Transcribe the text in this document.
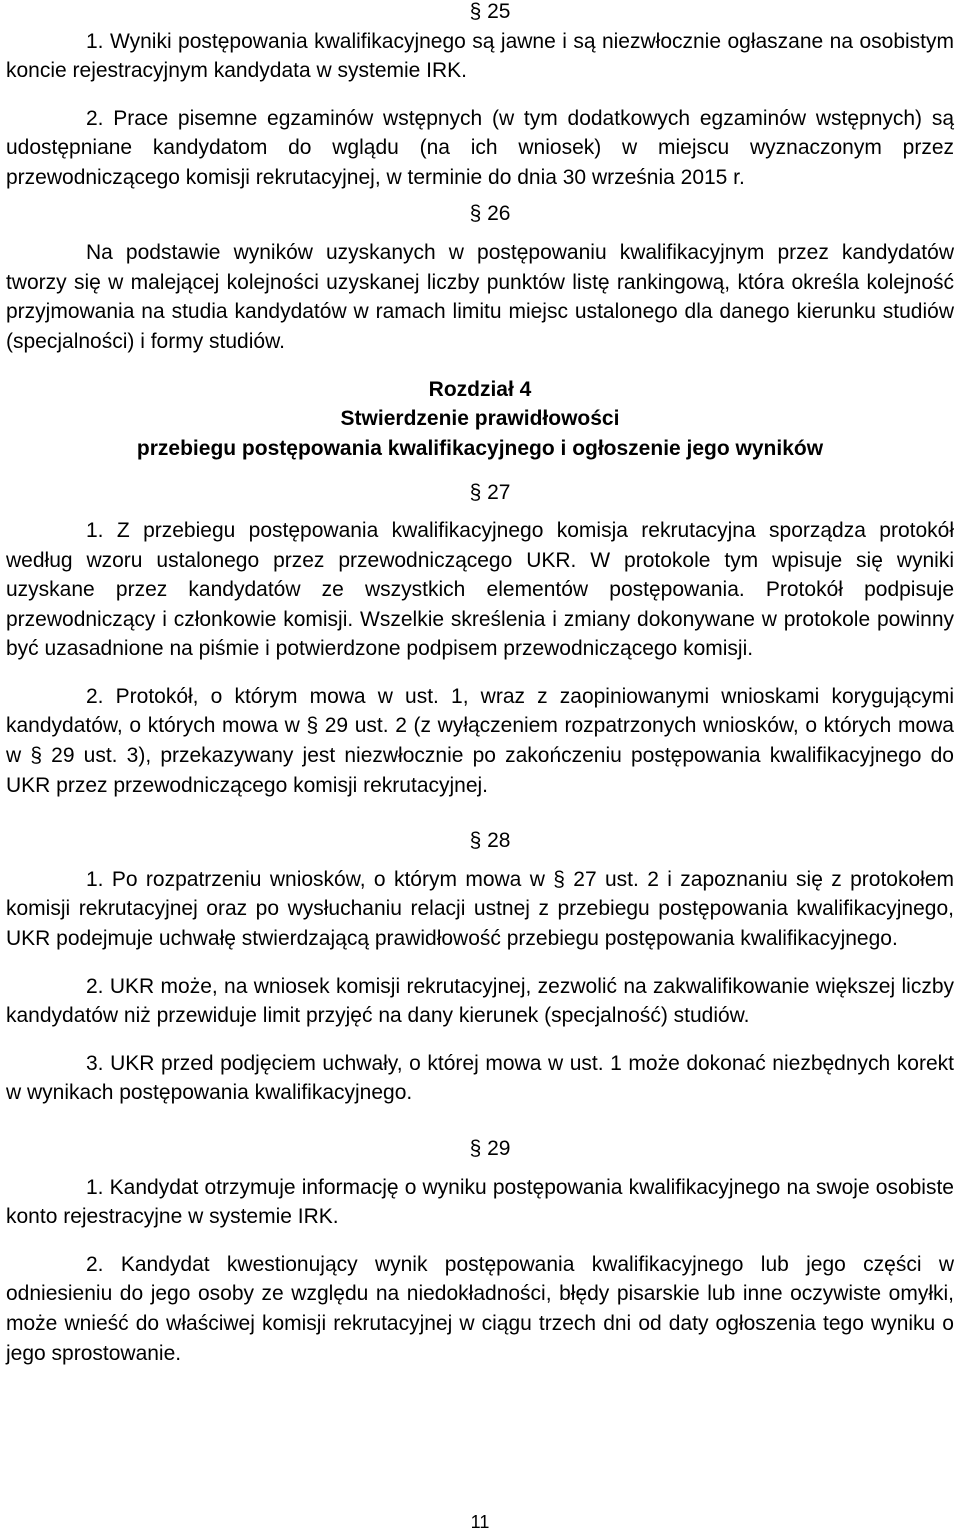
§ 25

1. Wyniki postępowania kwalifikacyjnego są jawne i są niezwłocznie ogłaszane na osobistym koncie rejestracyjnym kandydata w systemie IRK.

2. Prace pisemne egzaminów wstępnych (w tym dodatkowych egzaminów wstępnych) są udostępniane kandydatom do wglądu (na ich wniosek) w miejscu wyznaczonym przez przewodniczącego komisji rekrutacyjnej, w terminie do dnia 30 września 2015 r.

§ 26

Na podstawie wyników uzyskanych w postępowaniu kwalifikacyjnym przez kandydatów tworzy się w malejącej kolejności uzyskanej liczby punktów listę rankingową, która określa kolejność przyjmowania na studia kandydatów w ramach limitu miejsc ustalonego dla danego kierunku studiów (specjalności) i formy studiów.

Rozdział 4
Stwierdzenie prawidłowości
przebiegu postępowania kwalifikacyjnego i ogłoszenie jego wyników
§ 27

1. Z przebiegu postępowania kwalifikacyjnego komisja rekrutacyjna sporządza protokół według wzoru ustalonego przez przewodniczącego UKR. W protokole tym wpisuje się wyniki uzyskane przez kandydatów ze wszystkich elementów postępowania. Protokół podpisuje przewodniczący i członkowie komisji. Wszelkie skreślenia i zmiany dokonywane w protokole powinny być uzasadnione na piśmie i potwierdzone podpisem przewodniczącego komisji.

2. Protokół, o którym mowa w ust. 1, wraz z zaopiniowanymi wnioskami korygującymi kandydatów, o których mowa w § 29 ust. 2 (z wyłączeniem rozpatrzonych wniosków, o których mowa w § 29 ust. 3), przekazywany jest niezwłocznie po zakończeniu postępowania kwalifikacyjnego do UKR przez przewodniczącego komisji rekrutacyjnej.

§ 28

1. Po rozpatrzeniu wniosków, o którym mowa w § 27 ust. 2 i zapoznaniu się z protokołem komisji rekrutacyjnej oraz po wysłuchaniu relacji ustnej z przebiegu postępowania kwalifikacyjnego, UKR podejmuje uchwałę stwierdzającą prawidłowość przebiegu postępowania kwalifikacyjnego.

2. UKR może, na wniosek komisji rekrutacyjnej, zezwolić na zakwalifikowanie większej liczby kandydatów niż przewiduje limit przyjęć na dany kierunek (specjalność) studiów.

3. UKR przed podjęciem uchwały, o której mowa w ust. 1 może dokonać niezbędnych korekt w wynikach postępowania kwalifikacyjnego.

§ 29

1. Kandydat otrzymuje informację o wyniku postępowania kwalifikacyjnego na swoje osobiste konto rejestracyjne w systemie IRK.

2. Kandydat kwestionujący wynik postępowania kwalifikacyjnego lub jego części w odniesieniu do jego osoby ze względu na niedokładności, błędy pisarskie lub inne oczywiste omyłki, może wnieść do właściwej komisji rekrutacyjnej w ciągu trzech dni od daty ogłoszenia tego wyniku o jego sprostowanie.

11
